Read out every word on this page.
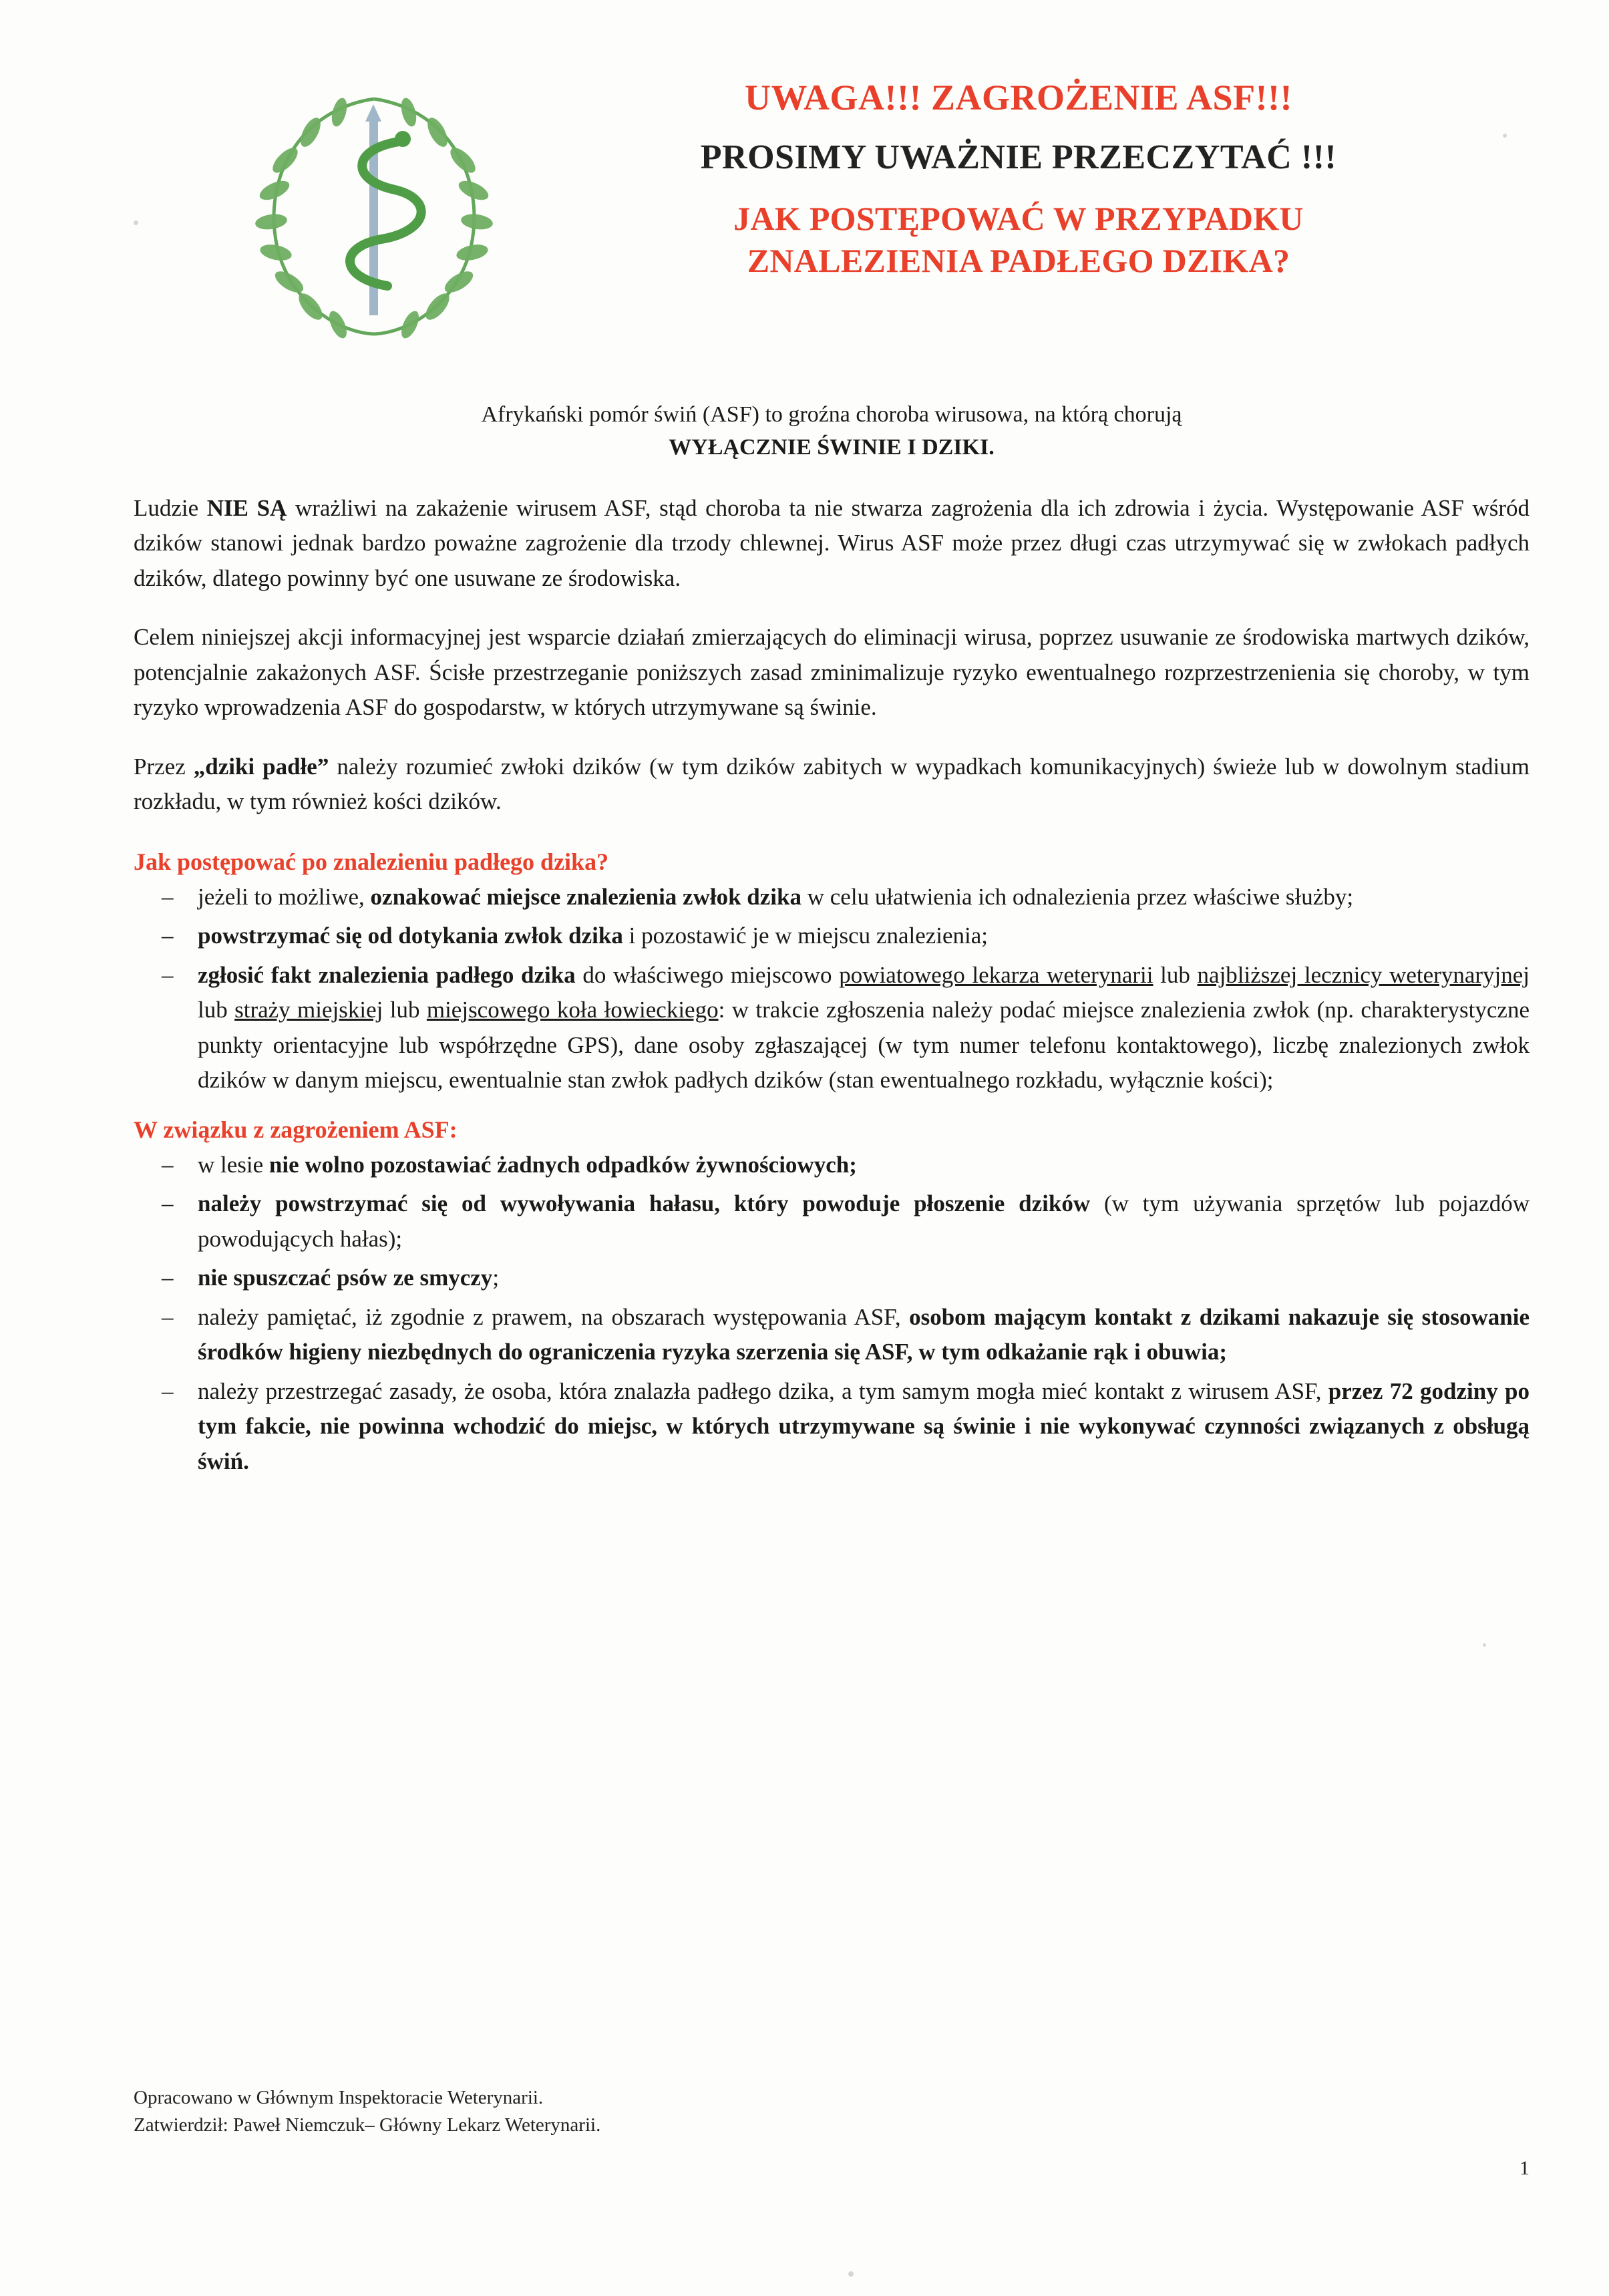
UWAGA!!! ZAGROŻENIE ASF!!!
PROSIMY UWAŻNIE PRZECZYTAĆ !!!
JAK POSTĘPOWAĆ W PRZYPADKU
ZNALEZIENIA PADŁEGO DZIKA?
Afrykański pomór świń (ASF) to groźna choroba wirusowa, na którą chorują
WYŁĄCZNIE ŚWINIE I DZIKI.
Ludzie NIE SĄ wrażliwi na zakażenie wirusem ASF, stąd choroba ta nie stwarza zagrożenia dla ich zdrowia i życia. Występowanie ASF wśród dzików stanowi jednak bardzo poważne zagrożenie dla trzody chlewnej. Wirus ASF może przez długi czas utrzymywać się w zwłokach padłych dzików, dlatego powinny być one usuwane ze środowiska.
Celem niniejszej akcji informacyjnej jest wsparcie działań zmierzających do eliminacji wirusa, poprzez usuwanie ze środowiska martwych dzików, potencjalnie zakażonych ASF. Ścisłe przestrzeganie poniższych zasad zminimalizuje ryzyko ewentualnego rozprzestrzenienia się choroby, w tym ryzyko wprowadzenia ASF do gospodarstw, w których utrzymywane są świnie.
Przez „dziki padłe” należy rozumieć zwłoki dzików (w tym dzików zabitych w wypadkach komunikacyjnych) świeże lub w dowolnym stadium rozkładu, w tym również kości dzików.
Jak postępować po znalezieniu padłego dzika?
– jeżeli to możliwe, oznakować miejsce znalezienia zwłok dzika w celu ułatwienia ich odnalezienia przez właściwe służby;
– powstrzymać się od dotykania zwłok dzika i pozostawić je w miejscu znalezienia;
– zgłosić fakt znalezienia padłego dzika do właściwego miejscowo powiatowego lekarza weterynarii lub najbliższej lecznicy weterynaryjnej lub straży miejskiej lub miejscowego koła łowieckiego: w trakcie zgłoszenia należy podać miejsce znalezienia zwłok (np. charakterystyczne punkty orientacyjne lub współrzędne GPS), dane osoby zgłaszającej (w tym numer telefonu kontaktowego), liczbę znalezionych zwłok dzików w danym miejscu, ewentualnie stan zwłok padłych dzików (stan ewentualnego rozkładu, wyłącznie kości);
W związku z zagrożeniem ASF:
– w lesie nie wolno pozostawiać żadnych odpadków żywnościowych;
– należy powstrzymać się od wywoływania hałasu, który powoduje płoszenie dzików (w tym używania sprzętów lub pojazdów powodujących hałas);
– nie spuszczać psów ze smyczy;
– należy pamiętać, iż zgodnie z prawem, na obszarach występowania ASF, osobom mającym kontakt z dzikami nakazuje się stosowanie środków higieny niezbędnych do ograniczenia ryzyka szerzenia się ASF, w tym odkażanie rąk i obuwia;
– należy przestrzegać zasady, że osoba, która znalazła padłego dzika, a tym samym mogła mieć kontakt z wirusem ASF, przez 72 godziny po tym fakcie, nie powinna wchodzić do miejsc, w których utrzymywane są świnie i nie wykonywać czynności związanych z obsługą świń.
Opracowano w Głównym Inspektoracie Weterynarii.
Zatwierdził: Paweł Niemczuk– Główny Lekarz Weterynarii.
1
